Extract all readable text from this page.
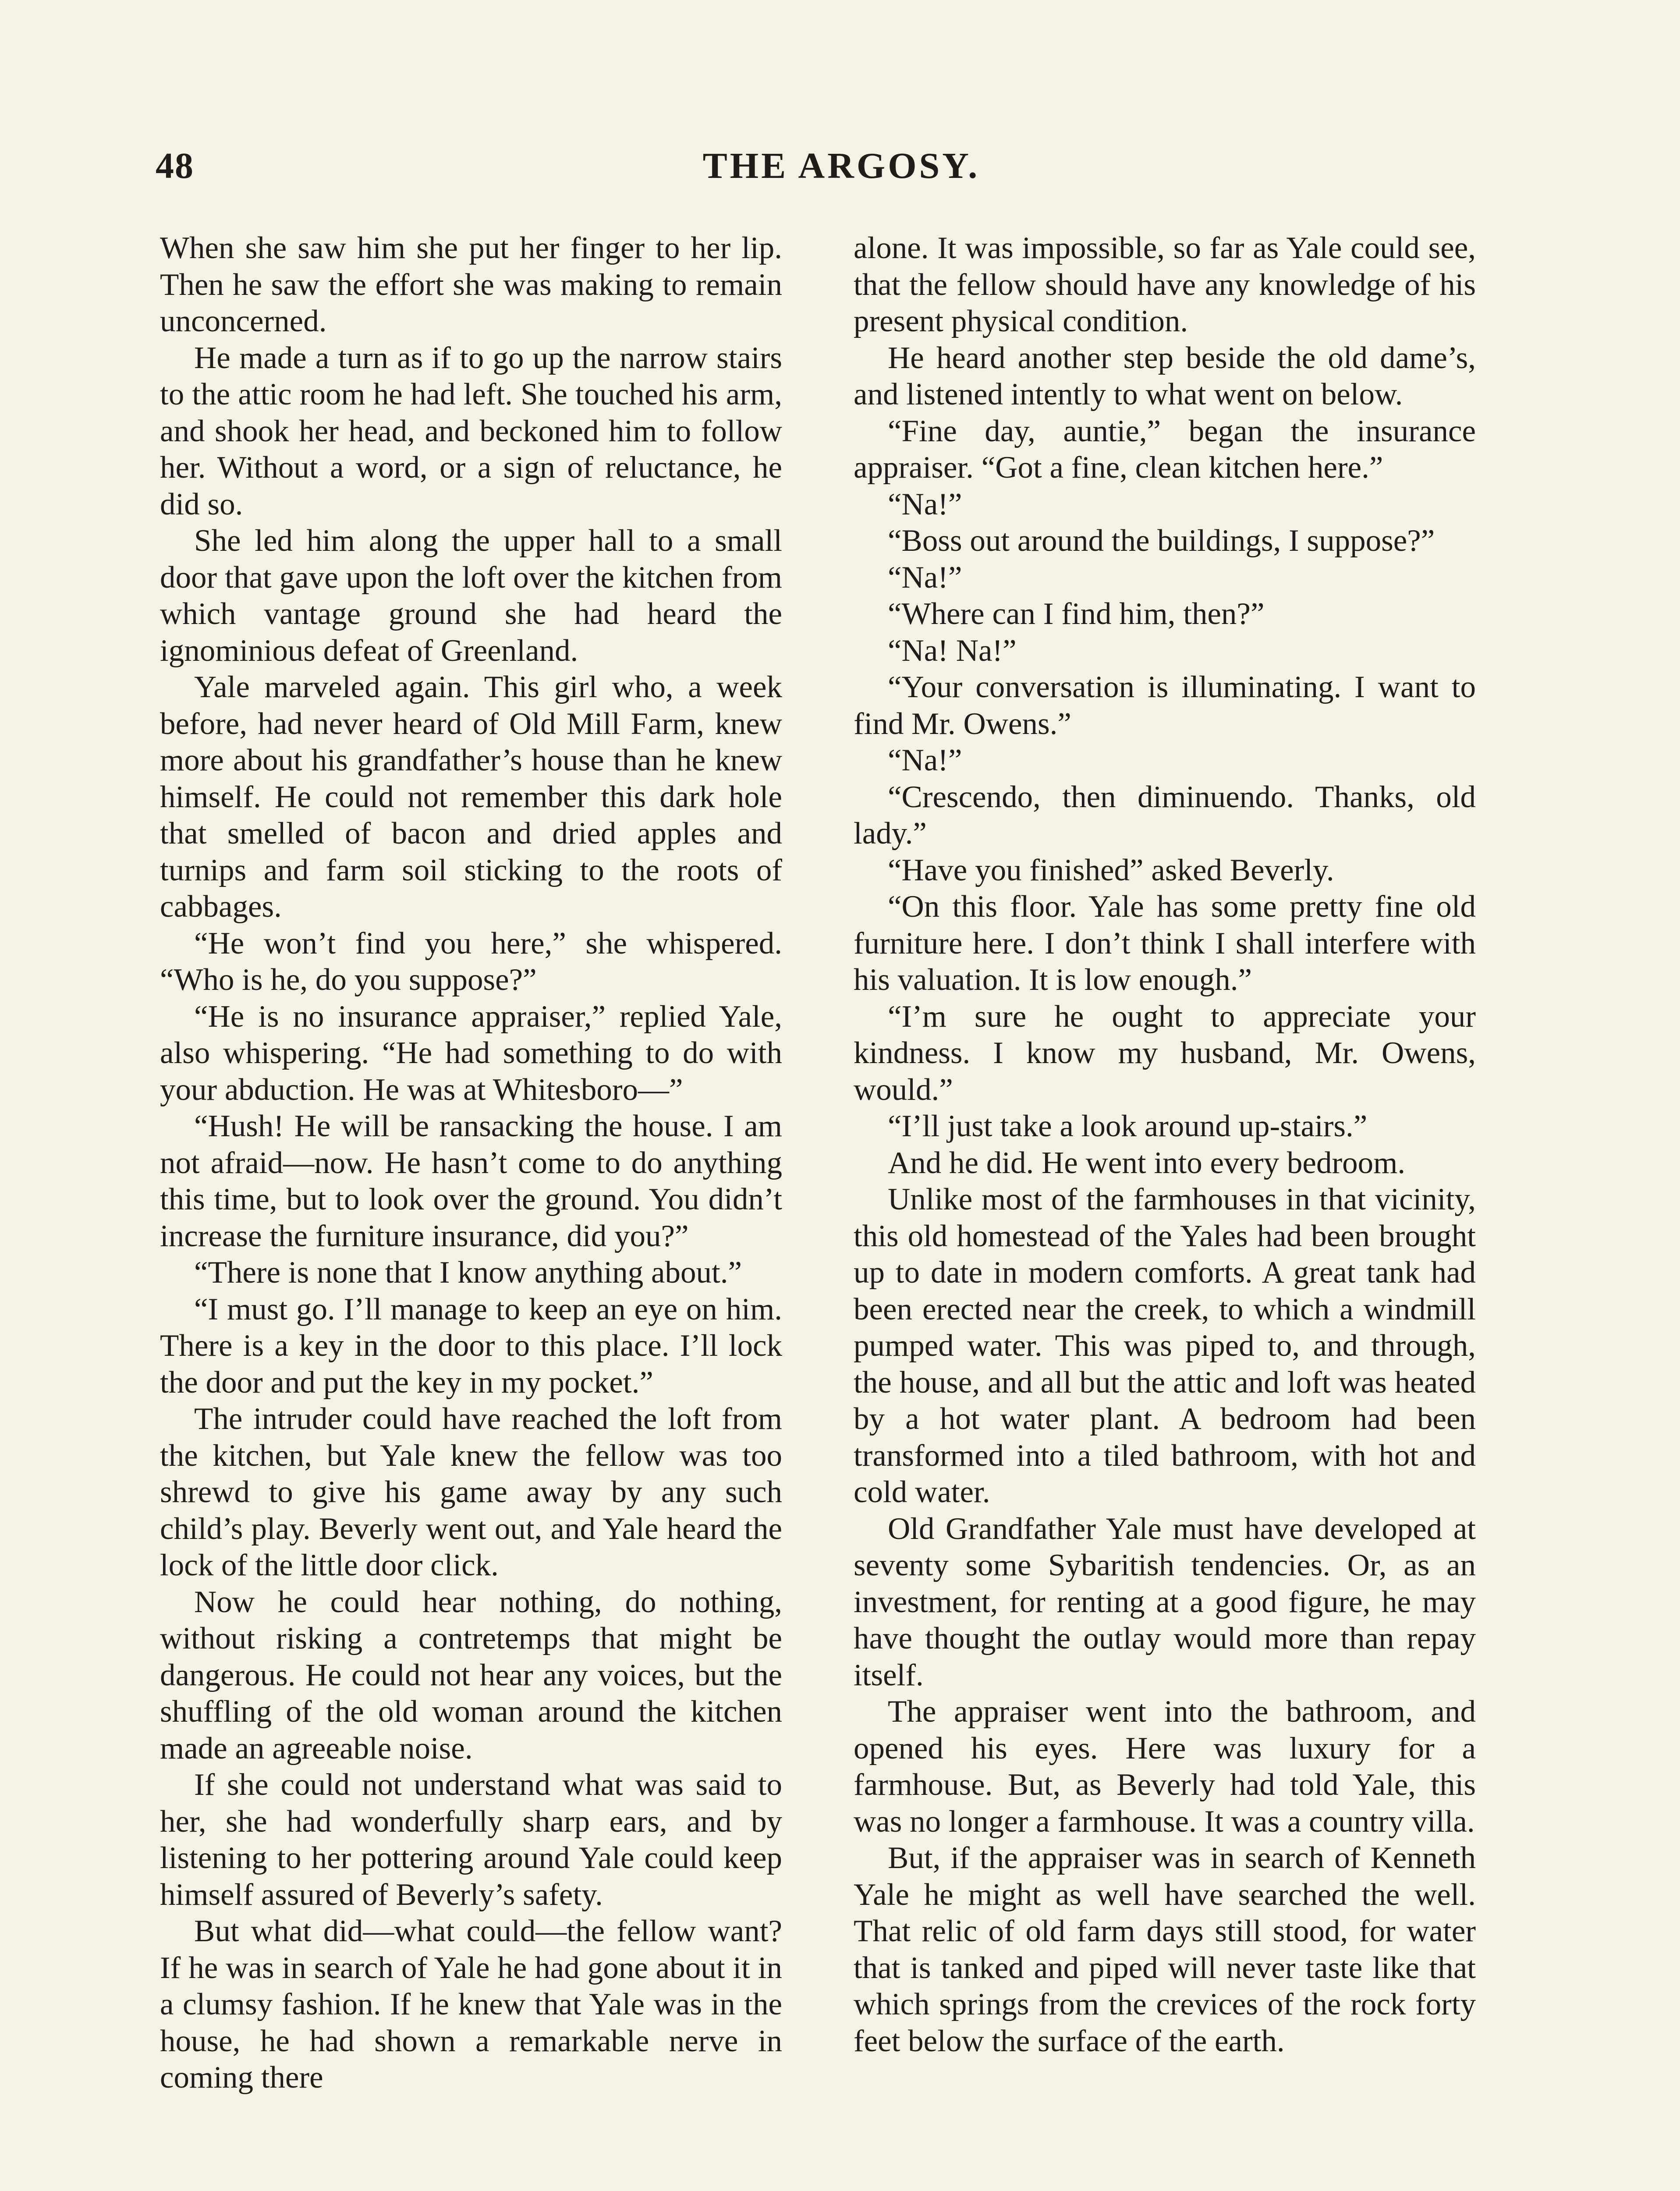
48	THE ARGOSY.

When she saw him she put her finger to her lip. Then he saw the effort she was making to remain unconcerned.

He made a turn as if to go up the narrow stairs to the attic room he had left. She touched his arm, and shook her head, and beckoned him to follow her. Without a word, or a sign of reluctance, he did so.

She led him along the upper hall to a small door that gave upon the loft over the kitchen from which vantage ground she had heard the ignominious defeat of Greenland.

Yale marveled again. This girl who, a week before, had never heard of Old Mill Farm, knew more about his grandfather’s house than he knew himself. He could not remember this dark hole that smelled of bacon and dried apples and turnips and farm soil sticking to the roots of cabbages.

“He won’t find you here,” she whispered. “Who is he, do you suppose?”

“He is no insurance appraiser,” replied Yale, also whispering. “He had something to do with your abduction. He was at Whitesboro—”

“Hush! He will be ransacking the house. I am not afraid—now. He hasn’t come to do anything this time, but to look over the ground. You didn’t increase the furniture insurance, did you?”

“There is none that I know anything about.”

“I must go. I’ll manage to keep an eye on him. There is a key in the door to this place. I’ll lock the door and put the key in my pocket.”

The intruder could have reached the loft from the kitchen, but Yale knew the fellow was too shrewd to give his game away by any such child’s play. Beverly went out, and Yale heard the lock of the little door click.

Now he could hear nothing, do nothing, without risking a contretemps that might be dangerous. He could not hear any voices, but the shuffling of the old woman around the kitchen made an agreeable noise.

If she could not understand what was said to her, she had wonderfully sharp ears, and by listening to her pottering around Yale could keep himself assured of Beverly’s safety.

But what did—what could—the fellow want? If he was in search of Yale he had gone about it in a clumsy fashion. If he knew that Yale was in the house, he had shown a remarkable nerve in coming there

alone. It was impossible, so far as Yale could see, that the fellow should have any knowledge of his present physical condition.

He heard another step beside the old dame’s, and listened intently to what went on below.

“Fine day, auntie,” began the insurance appraiser. “Got a fine, clean kitchen here.”

“Na!”

“Boss out around the buildings, I suppose?”

“Na!”

“Where can I find him, then?”

“Na! Na!”

“Your conversation is illuminating. I want to find Mr. Owens.”

“Na!”

“Crescendo, then diminuendo. Thanks, old lady.”

“Have you finished” asked Beverly.

“On this floor. Yale has some pretty fine old furniture here. I don’t think I shall interfere with his valuation. It is low enough.”

“I’m sure he ought to appreciate your kindness. I know my husband, Mr. Owens, would.”

“I’ll just take a look around up-stairs.”

And he did. He went into every bedroom.

Unlike most of the farmhouses in that vicinity, this old homestead of the Yales had been brought up to date in modern comforts. A great tank had been erected near the creek, to which a windmill pumped water. This was piped to, and through, the house, and all but the attic and loft was heated by a hot water plant. A bedroom had been transformed into a tiled bathroom, with hot and cold water.

Old Grandfather Yale must have developed at seventy some Sybaritish tendencies. Or, as an investment, for renting at a good figure, he may have thought the outlay would more than repay itself.

The appraiser went into the bathroom, and opened his eyes. Here was luxury for a farmhouse. But, as Beverly had told Yale, this was no longer a farmhouse. It was a country villa.

But, if the appraiser was in search of Kenneth Yale he might as well have searched the well. That relic of old farm days still stood, for water that is tanked and piped will never taste like that which springs from the crevices of the rock forty feet below the surface of the earth.
